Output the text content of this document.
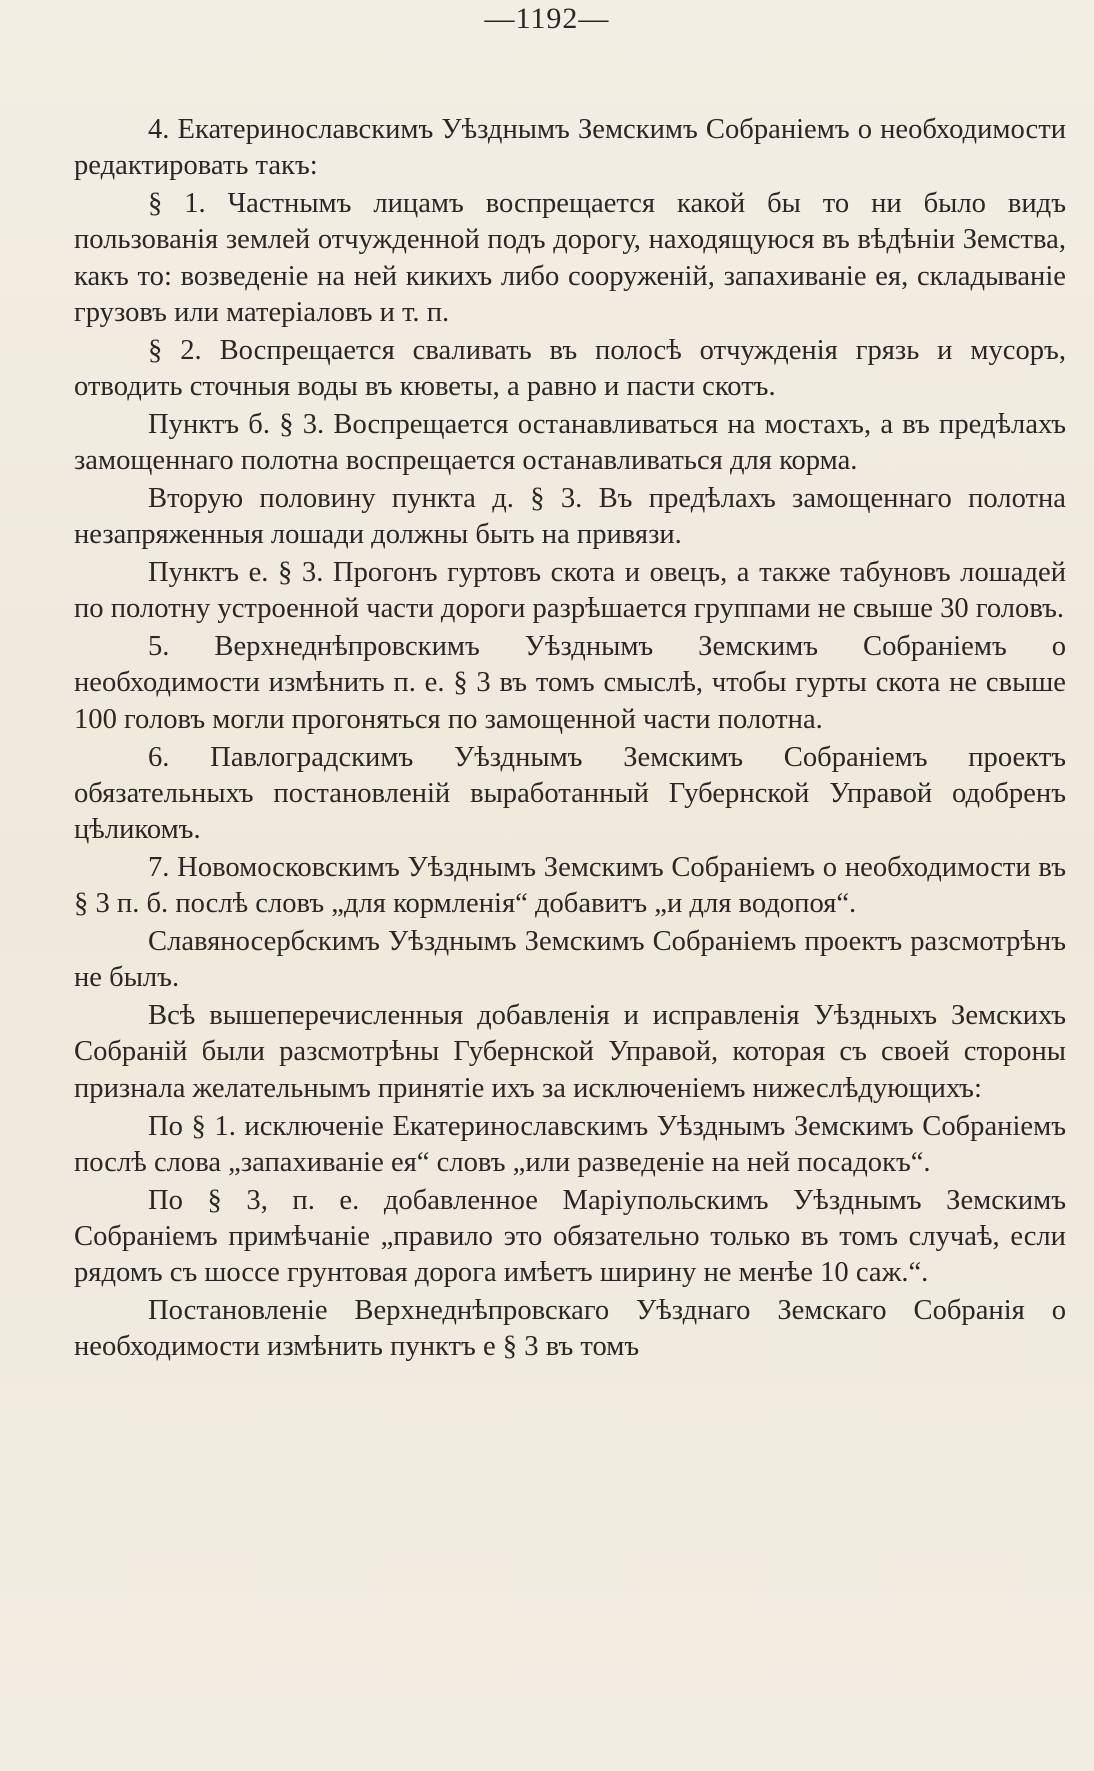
—1192—

4. Екатеринославскимъ Уѣзднымъ Земскимъ Собраніемъ о необходимости редактировать такъ:

§ 1. Частнымъ лицамъ воспрещается какой бы то ни было видъ пользованія землей отчужденной подъ дорогу, находящуюся въ вѣдѣніи Земства, какъ то: возведеніе на ней кикихъ либо сооруженій, запахиваніе ея, складываніе грузовъ или матеріаловъ и т. п.

§ 2. Воспрещается сваливать въ полосѣ отчужденія грязь и мусоръ, отводить сточныя воды въ кюветы, а равно и пасти скотъ.

Пунктъ б. § 3. Воспрещается останавливаться на мостахъ, а въ предѣлахъ замощеннаго полотна воспрещается останавливаться для корма.

Вторую половину пункта д. § 3. Въ предѣлахъ замощеннаго полотна незапряженныя лошади должны быть на привязи.

Пунктъ е. § 3. Прогонъ гуртовъ скота и овецъ, а также табуновъ лошадей по полотну устроенной части дороги разрѣшается группами не свыше 30 головъ.

5. Верхнеднѣпровскимъ Уѣзднымъ Земскимъ Собраніемъ о необходимости измѣнить п. е. § 3 въ томъ смыслѣ, чтобы гурты скота не свыше 100 головъ могли прогоняться по замощенной части полотна.

6. Павлоградскимъ Уѣзднымъ Земскимъ Собраніемъ проектъ обязательныхъ постановленій выработанный Губернской Управой одобренъ цѣликомъ.

7. Новомосковскимъ Уѣзднымъ Земскимъ Собраніемъ о необходимости въ § 3 п. б. послѣ словъ „для кормленія“ добавитъ „и для водопоя“.

Славяносербскимъ Уѣзднымъ Земскимъ Собраніемъ проектъ разсмотрѣнъ не былъ.

Всѣ вышеперечисленныя добавленія и исправленія Уѣздныхъ Земскихъ Собраній были разсмотрѣны Губернской Управой, которая съ своей стороны признала желательнымъ принятіе ихъ за исключеніемъ нижеслѣдующихъ:

По § 1. исключеніе Екатеринославскимъ Уѣзднымъ Земскимъ Собраніемъ послѣ слова „запахиваніе ея“ словъ „или разведеніе на ней посадокъ“.

По § 3, п. е. добавленное Маріупольскимъ Уѣзднымъ Земскимъ Собраніемъ примѣчаніе „правило это обязательно только въ томъ случаѣ, если рядомъ съ шоссе грунтовая дорога имѣетъ ширину не менѣе 10 саж.“.

Постановленіе Верхнеднѣпровскаго Уѣзднаго Земскаго Собранія о необходимости измѣнить пунктъ е § 3 въ томъ
